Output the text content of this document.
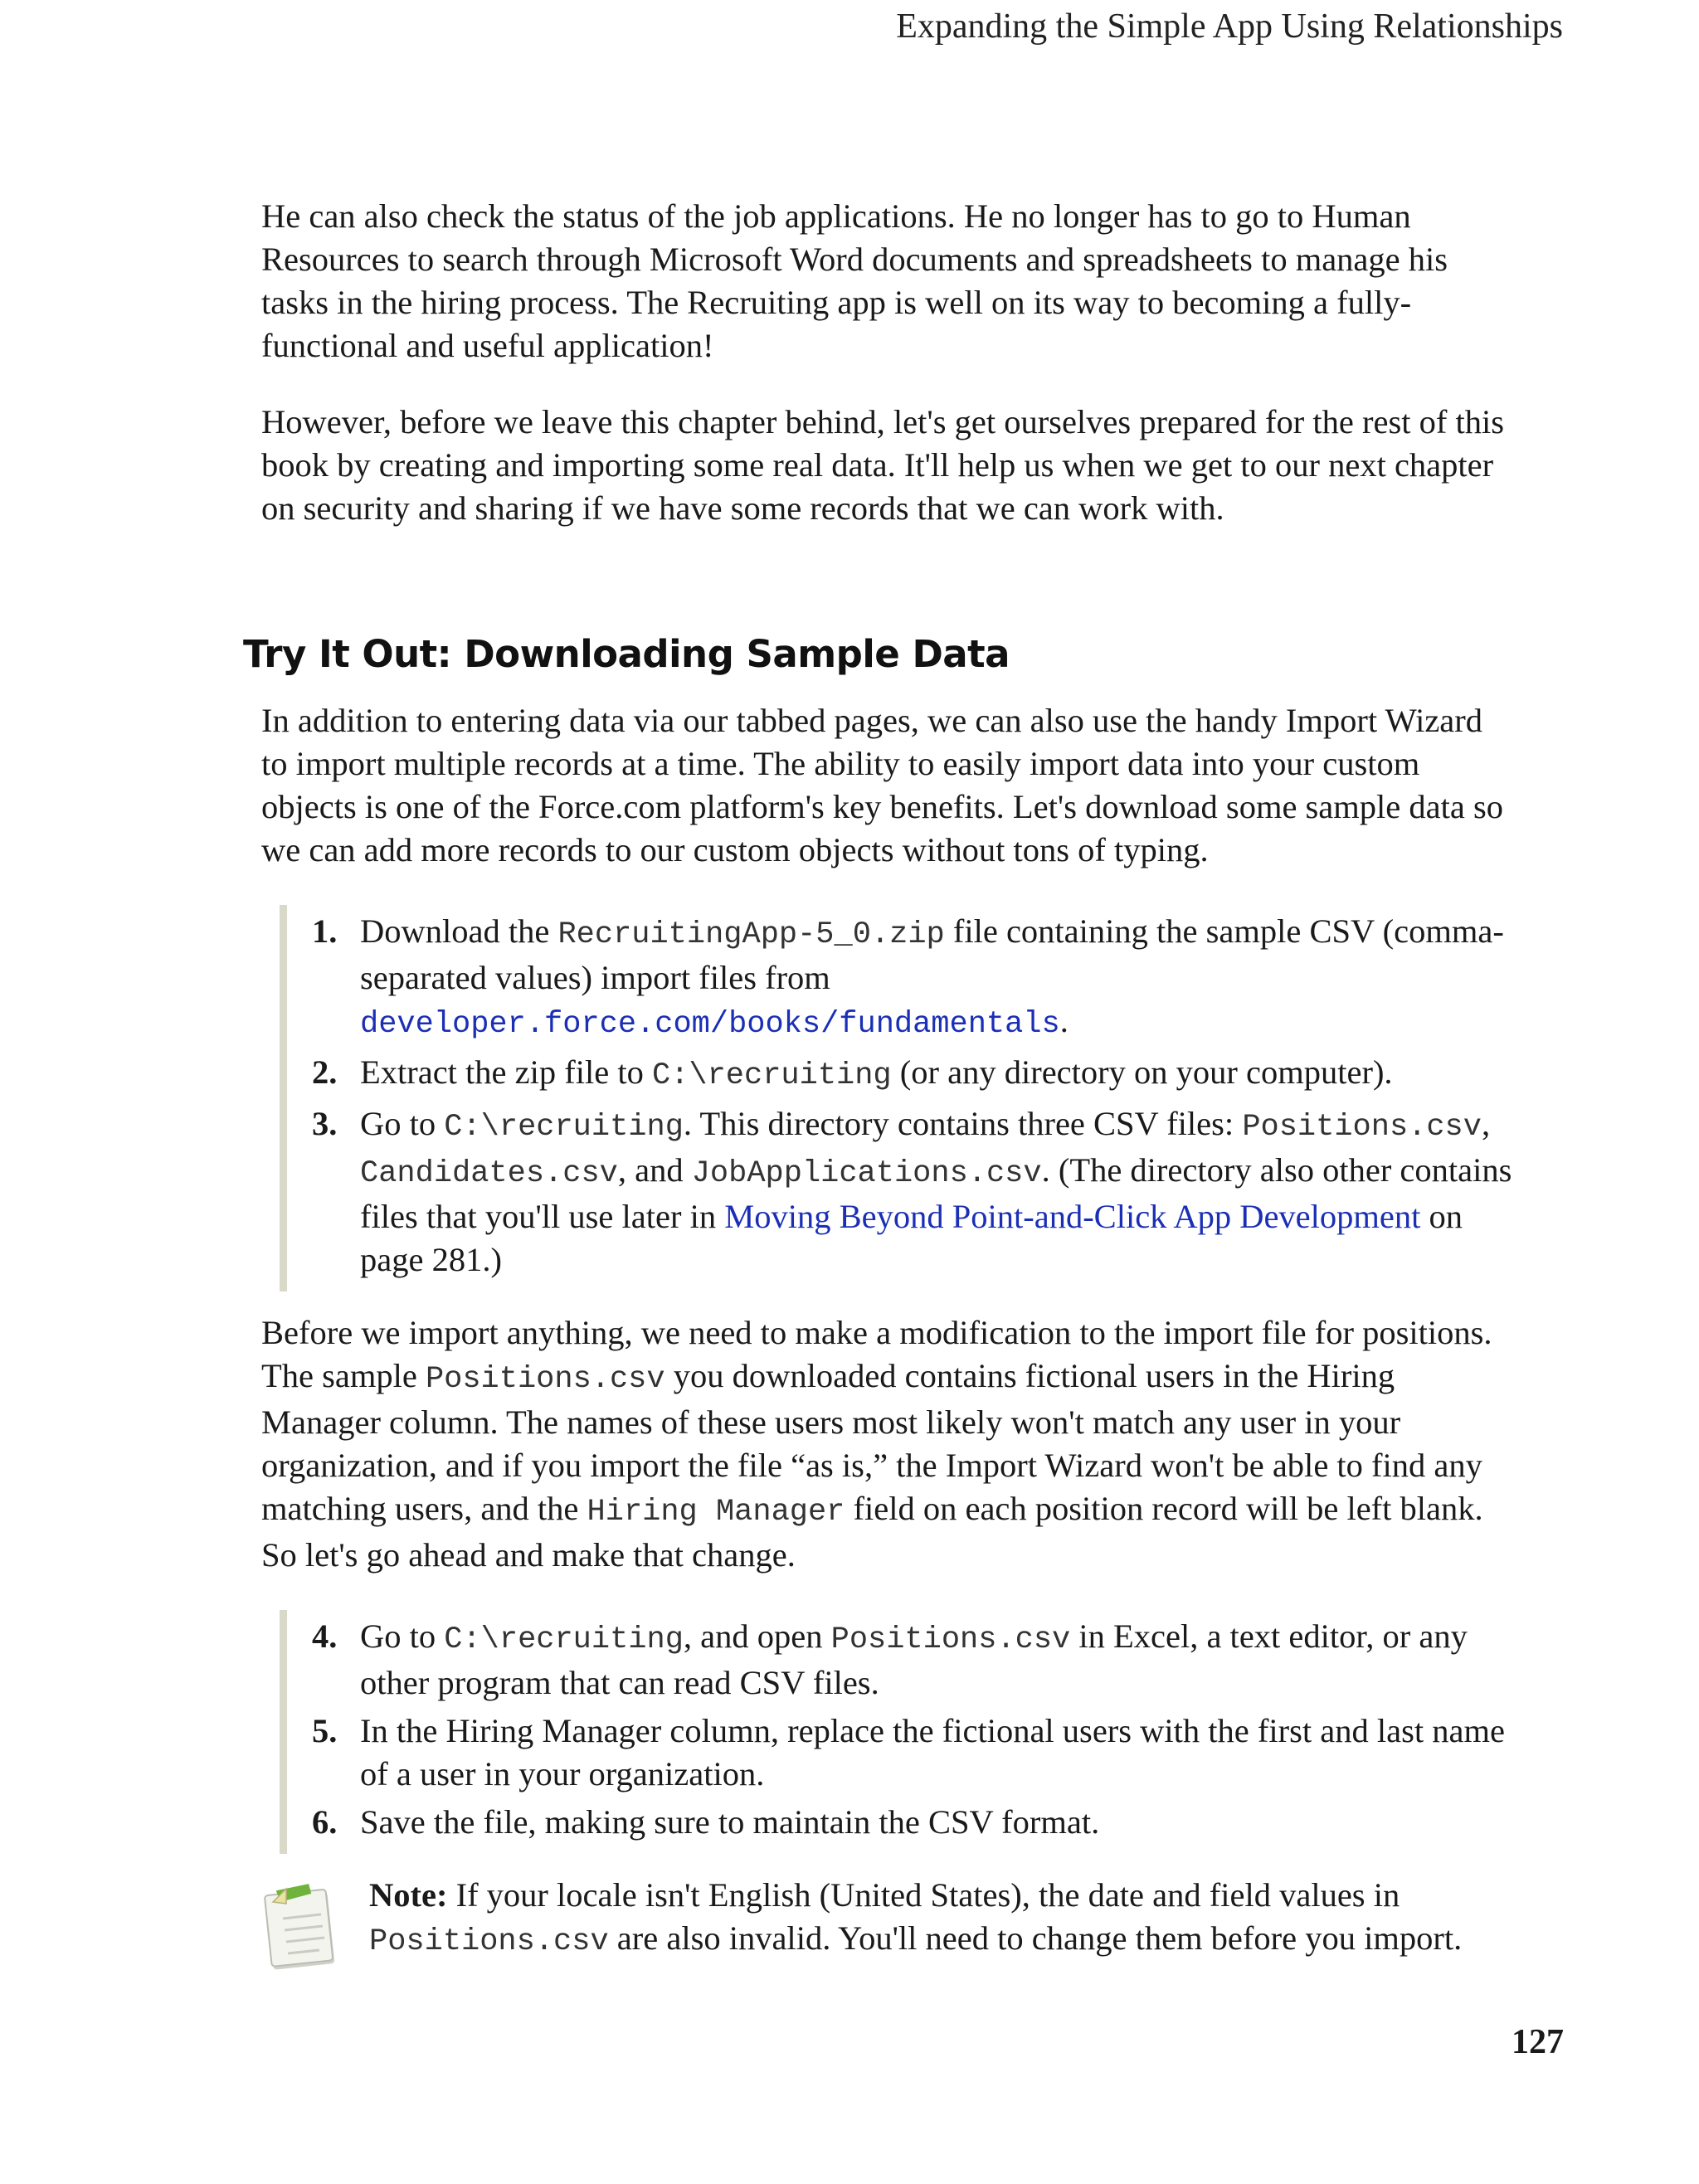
Expanding the Simple App Using Relationships

He can also check the status of the job applications. He no longer has to go to Human Resources to search through Microsoft Word documents and spreadsheets to manage his tasks in the hiring process. The Recruiting app is well on its way to becoming a fully-functional and useful application!

However, before we leave this chapter behind, let's get ourselves prepared for the rest of this book by creating and importing some real data. It'll help us when we get to our next chapter on security and sharing if we have some records that we can work with.

Try It Out: Downloading Sample Data

In addition to entering data via our tabbed pages, we can also use the handy Import Wizard to import multiple records at a time. The ability to easily import data into your custom objects is one of the Force.com platform's key benefits. Let's download some sample data so we can add more records to our custom objects without tons of typing.

1. Download the RecruitingApp-5_0.zip file containing the sample CSV (comma-separated values) import files from developer.force.com/books/fundamentals.
2. Extract the zip file to C:\recruiting (or any directory on your computer).
3. Go to C:\recruiting. This directory contains three CSV files: Positions.csv, Candidates.csv, and JobApplications.csv. (The directory also other contains files that you'll use later in Moving Beyond Point-and-Click App Development on page 281.)

Before we import anything, we need to make a modification to the import file for positions. The sample Positions.csv you downloaded contains fictional users in the Hiring Manager column. The names of these users most likely won't match any user in your organization, and if you import the file “as is,” the Import Wizard won't be able to find any matching users, and the Hiring Manager field on each position record will be left blank. So let's go ahead and make that change.

4. Go to C:\recruiting, and open Positions.csv in Excel, a text editor, or any other program that can read CSV files.
5. In the Hiring Manager column, replace the fictional users with the first and last name of a user in your organization.
6. Save the file, making sure to maintain the CSV format.

Note: If your locale isn't English (United States), the date and field values in Positions.csv are also invalid. You'll need to change them before you import.

127
